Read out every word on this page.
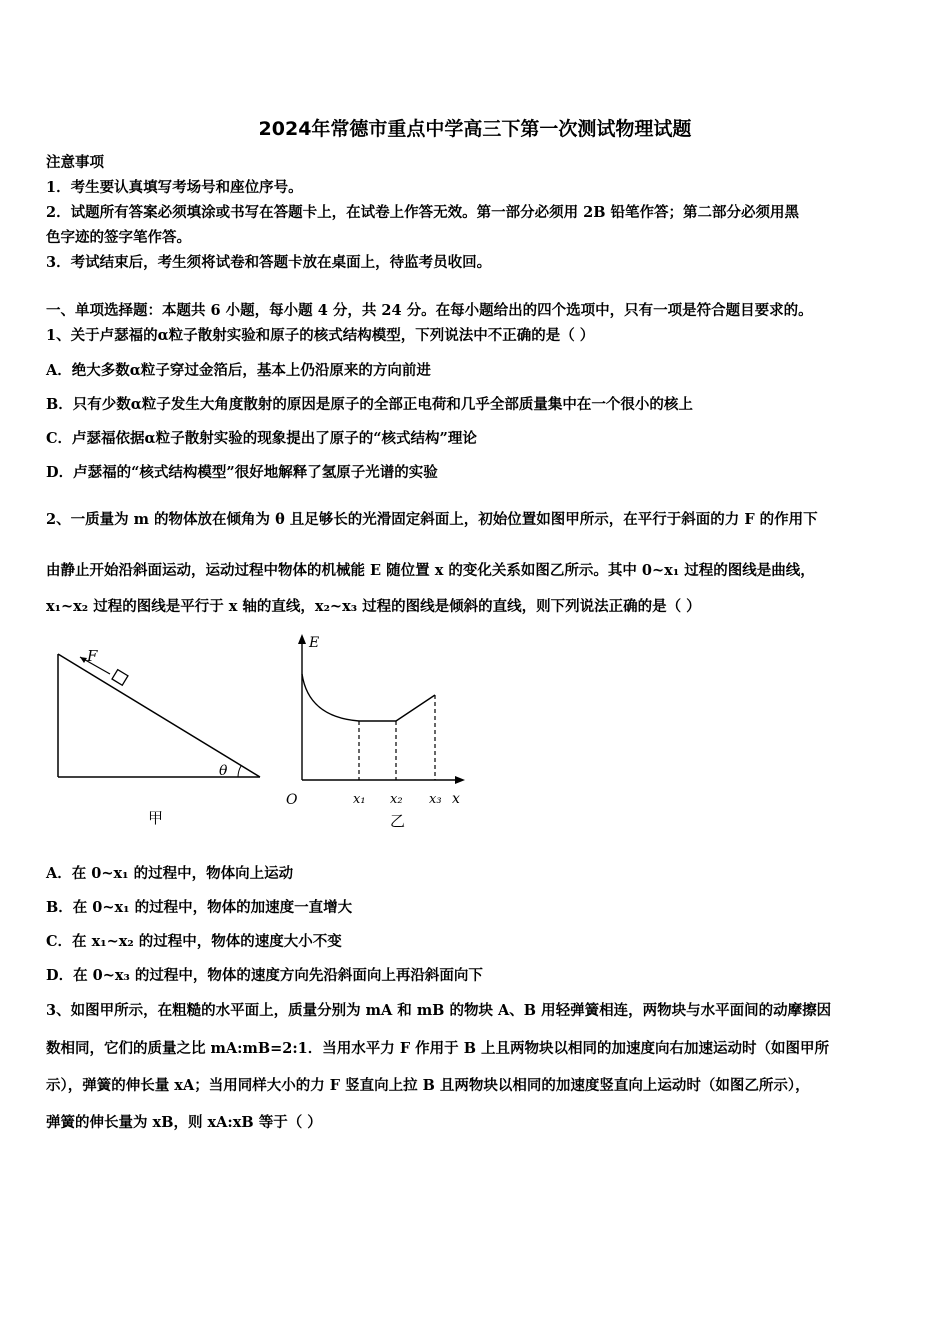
2024年常德市重点中学高三下第一次测试物理试题
注意事项
1．考生要认真填写考场号和座位序号。
2．试题所有答案必须填涂或书写在答题卡上，在试卷上作答无效。第一部分必须用 2B 铅笔作答；第二部分必须用黑
色字迹的签字笔作答。
3．考试结束后，考生须将试卷和答题卡放在桌面上，待监考员收回。
一、单项选择题：本题共 6 小题，每小题 4 分，共 24 分。在每小题给出的四个选项中，只有一项是符合题目要求的。
1、关于卢瑟福的α粒子散射实验和原子的核式结构模型，下列说法中不正确的是（ ）
A．绝大多数α粒子穿过金箔后，基本上仍沿原来的方向前进
B．只有少数α粒子发生大角度散射的原因是原子的全部正电荷和几乎全部质量集中在一个很小的核上
C．卢瑟福依据α粒子散射实验的现象提出了原子的“核式结构”理论
D．卢瑟福的“核式结构模型”很好地解释了氢原子光谱的实验
2、一质量为 m 的物体放在倾角为 θ 且足够长的光滑固定斜面上，初始位置如图甲所示，在平行于斜面的力 F 的作用下
由静止开始沿斜面运动，运动过程中物体的机械能 E 随位置 x 的变化关系如图乙所示。其中 0~x₁ 过程的图线是曲线，
x₁~x₂ 过程的图线是平行于 x 轴的直线，x₂~x₃ 过程的图线是倾斜的直线，则下列说法正确的是（ ）
F
θ
甲
E
O	x
x₁ x₂ x₃
乙
A．在 0~x₁ 的过程中，物体向上运动
B．在 0~x₁ 的过程中，物体的加速度一直增大
C．在 x₁~x₂ 的过程中，物体的速度大小不变
D．在 0~x₃ 的过程中，物体的速度方向先沿斜面向上再沿斜面向下
3、如图甲所示，在粗糙的水平面上，质量分别为 mA 和 mB 的物块 A、B 用轻弹簧相连，两物块与水平面间的动摩擦因
数相同，它们的质量之比 mA:mB=2:1．当用水平力 F 作用于 B 上且两物块以相同的加速度向右加速运动时（如图甲所
示），弹簧的伸长量 xA；当用同样大小的力 F 竖直向上拉 B 且两物块以相同的加速度竖直向上运动时（如图乙所示），
弹簧的伸长量为 xB，则 xA:xB 等于（ ）
